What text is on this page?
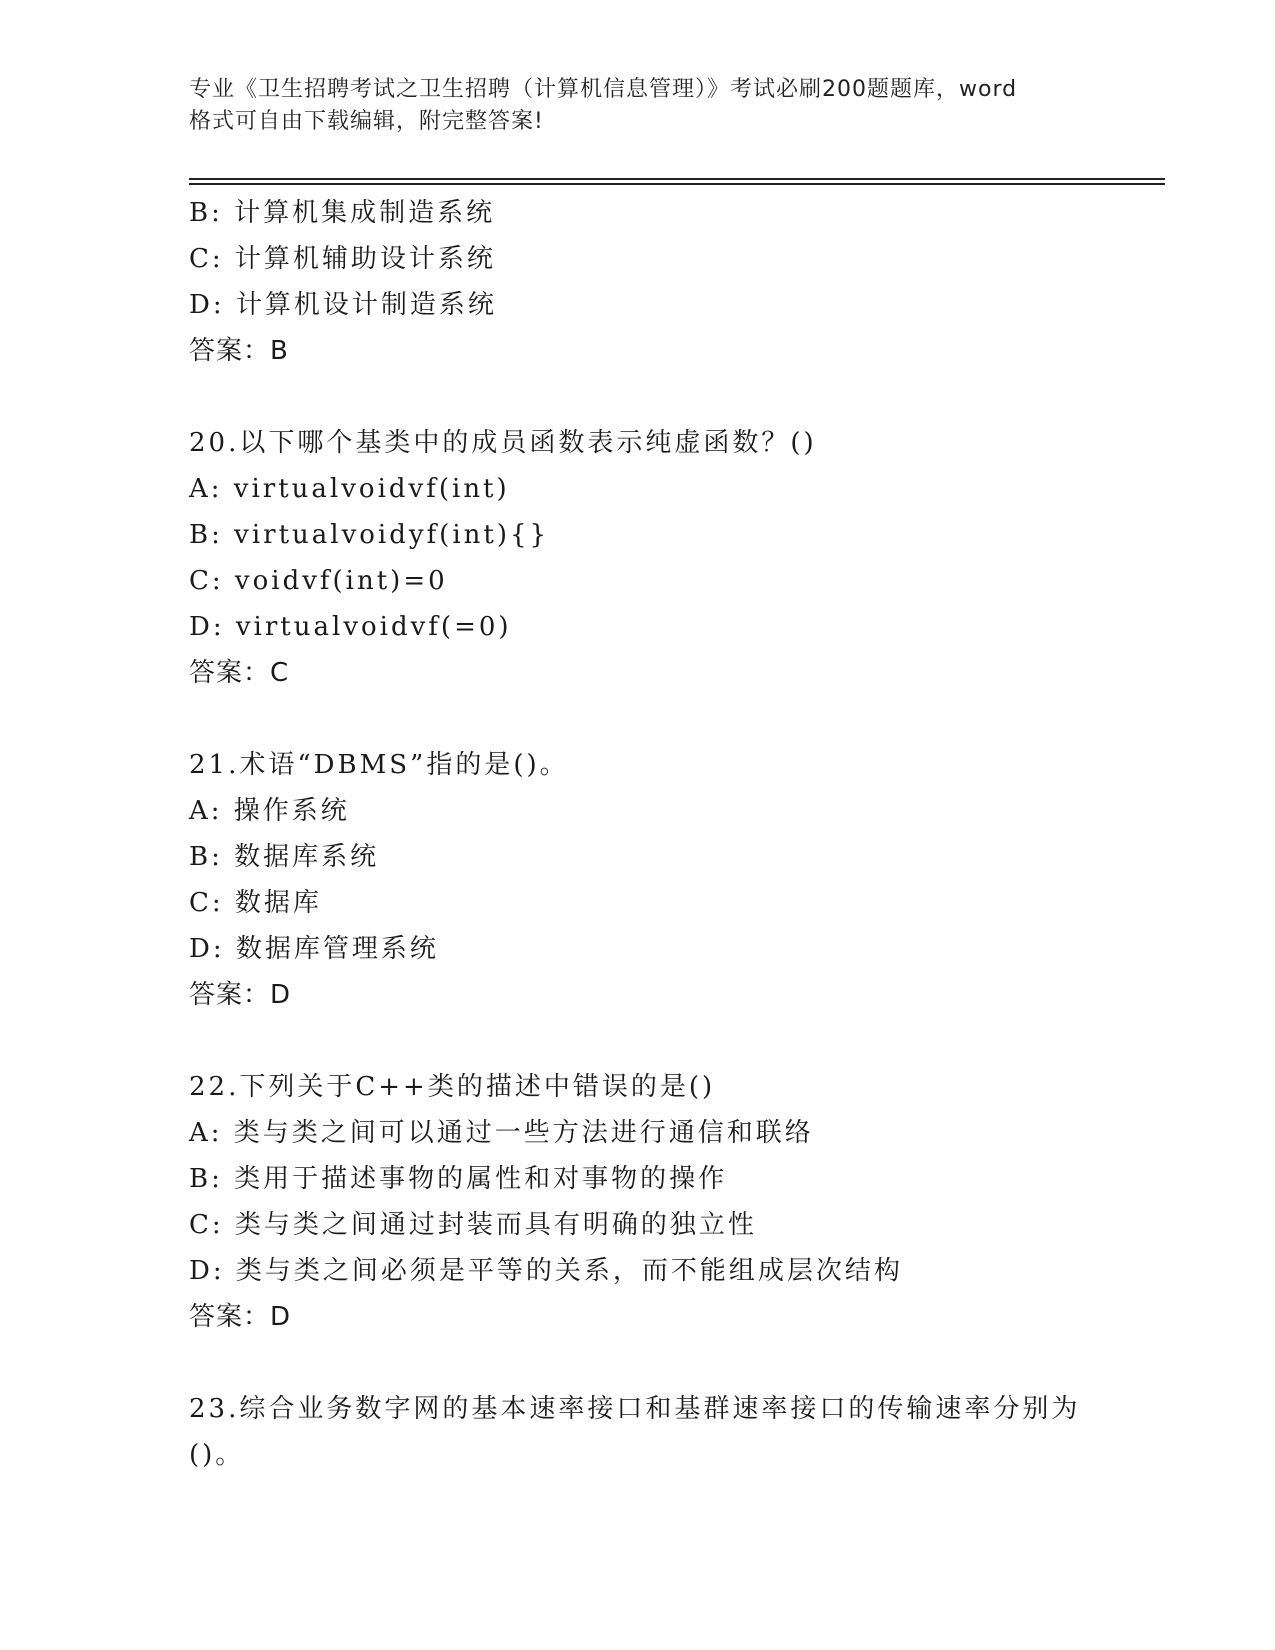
专业《卫生招聘考试之卫生招聘（计算机信息管理）》考试必刷200题题库，word
格式可自由下载编辑，附完整答案!
B: 计算机集成制造系统
C: 计算机辅助设计系统
D: 计算机设计制造系统
答案：B
20.以下哪个基类中的成员函数表示纯虚函数？()
A: virtualvoidvf(int)
B: virtualvoidyf(int){}
C: voidvf(int)=0
D: virtualvoidvf(=0)
答案：C
21.术语“DBMS”指的是()。
A: 操作系统
B: 数据库系统
C: 数据库
D: 数据库管理系统
答案：D
22.下列关于C++类的描述中错误的是()
A: 类与类之间可以通过一些方法进行通信和联络
B: 类用于描述事物的属性和对事物的操作
C: 类与类之间通过封装而具有明确的独立性
D: 类与类之间必须是平等的关系，而不能组成层次结构
答案：D
23.综合业务数字网的基本速率接口和基群速率接口的传输速率分别为
()。
